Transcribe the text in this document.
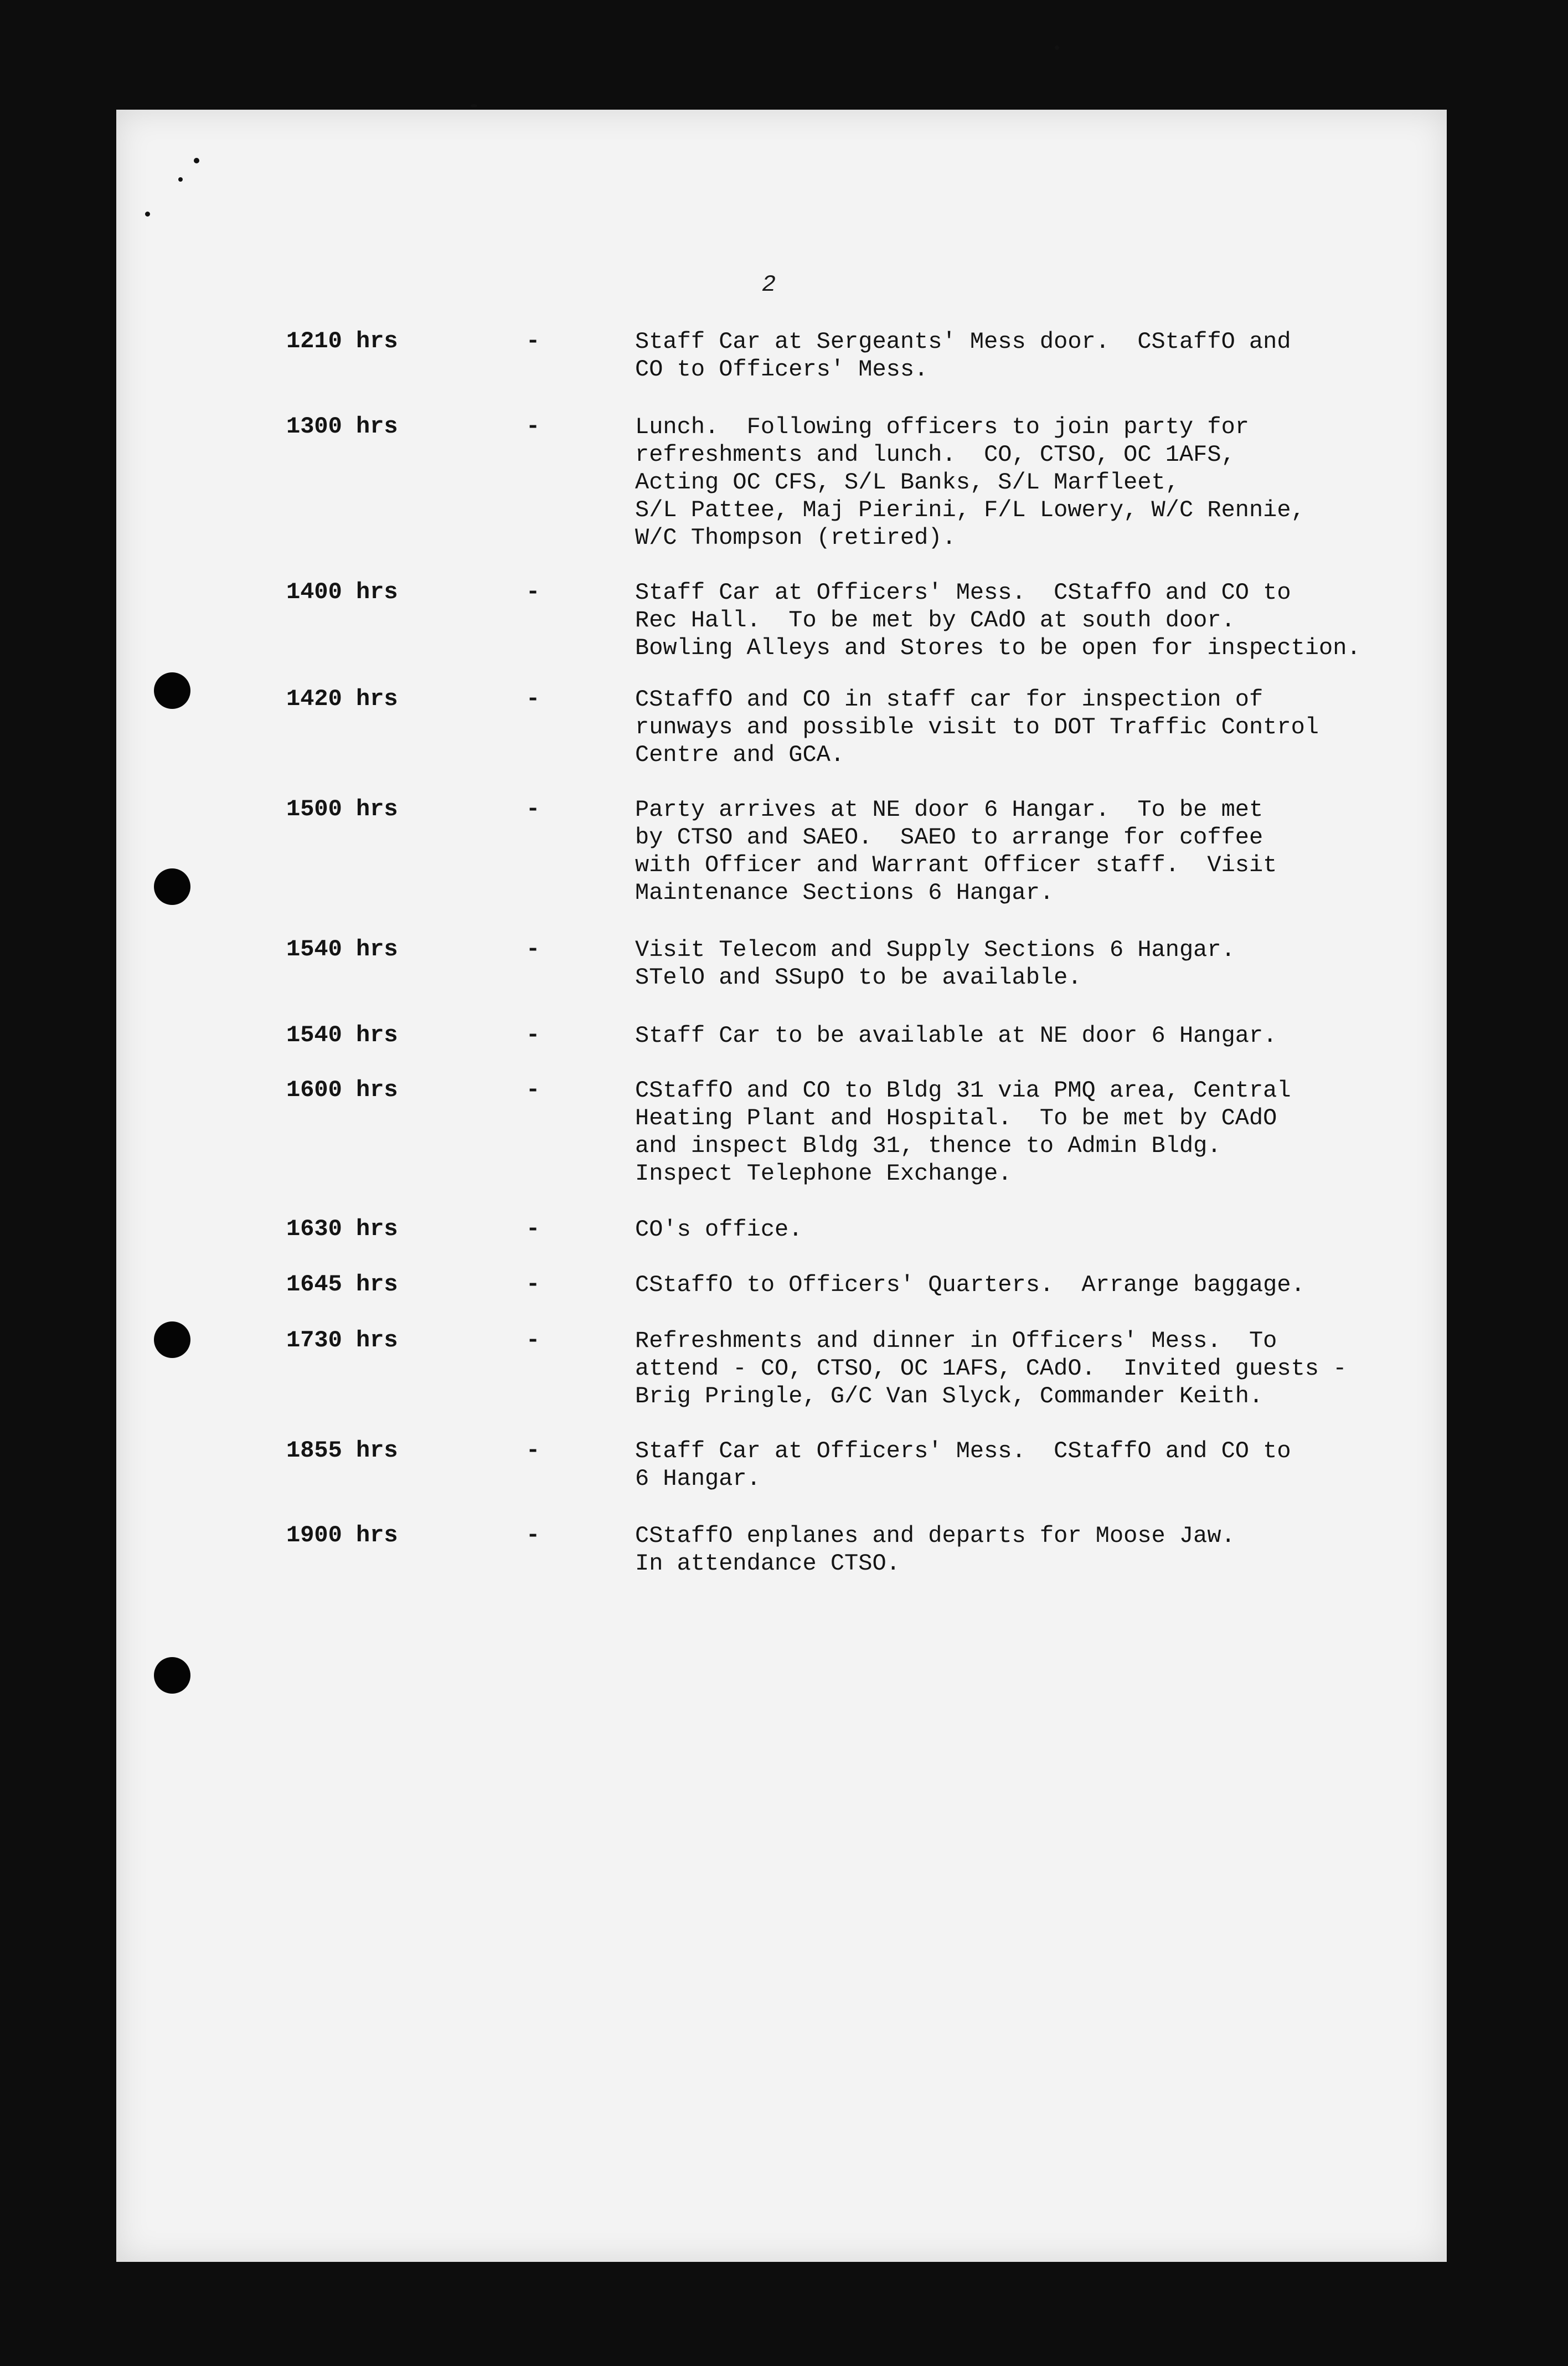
2
1210 hrs	-	Staff Car at Sergeants' Mess door.  CStaffO and
CO to Officers' Mess.
1300 hrs	-	Lunch.  Following officers to join party for
refreshments and lunch.  CO, CTSO, OC 1AFS,
Acting OC CFS, S/L Banks, S/L Marfleet,
S/L Pattee, Maj Pierini, F/L Lowery, W/C Rennie,
W/C Thompson (retired).
1400 hrs	-	Staff Car at Officers' Mess.  CStaffO and CO to
Rec Hall.  To be met by CAdO at south door.
Bowling Alleys and Stores to be open for inspection.
1420 hrs	-	CStaffO and CO in staff car for inspection of
runways and possible visit to DOT Traffic Control
Centre and GCA.
1500 hrs	-	Party arrives at NE door 6 Hangar.  To be met
by CTSO and SAEO.  SAEO to arrange for coffee
with Officer and Warrant Officer staff.  Visit
Maintenance Sections 6 Hangar.
1540 hrs	-	Visit Telecom and Supply Sections 6 Hangar.
STelO and SSupO to be available.
1540 hrs	-	Staff Car to be available at NE door 6 Hangar.
1600 hrs	-	CStaffO and CO to Bldg 31 via PMQ area, Central
Heating Plant and Hospital.  To be met by CAdO
and inspect Bldg 31, thence to Admin Bldg.
Inspect Telephone Exchange.
1630 hrs	-	CO's office.
1645 hrs	-	CStaffO to Officers' Quarters.  Arrange baggage.
1730 hrs	-	Refreshments and dinner in Officers' Mess.  To
attend - CO, CTSO, OC 1AFS, CAdO.  Invited guests -
Brig Pringle, G/C Van Slyck, Commander Keith.
1855 hrs	-	Staff Car at Officers' Mess.  CStaffO and CO to
6 Hangar.
1900 hrs	-	CStaffO enplanes and departs for Moose Jaw.
In attendance CTSO.
